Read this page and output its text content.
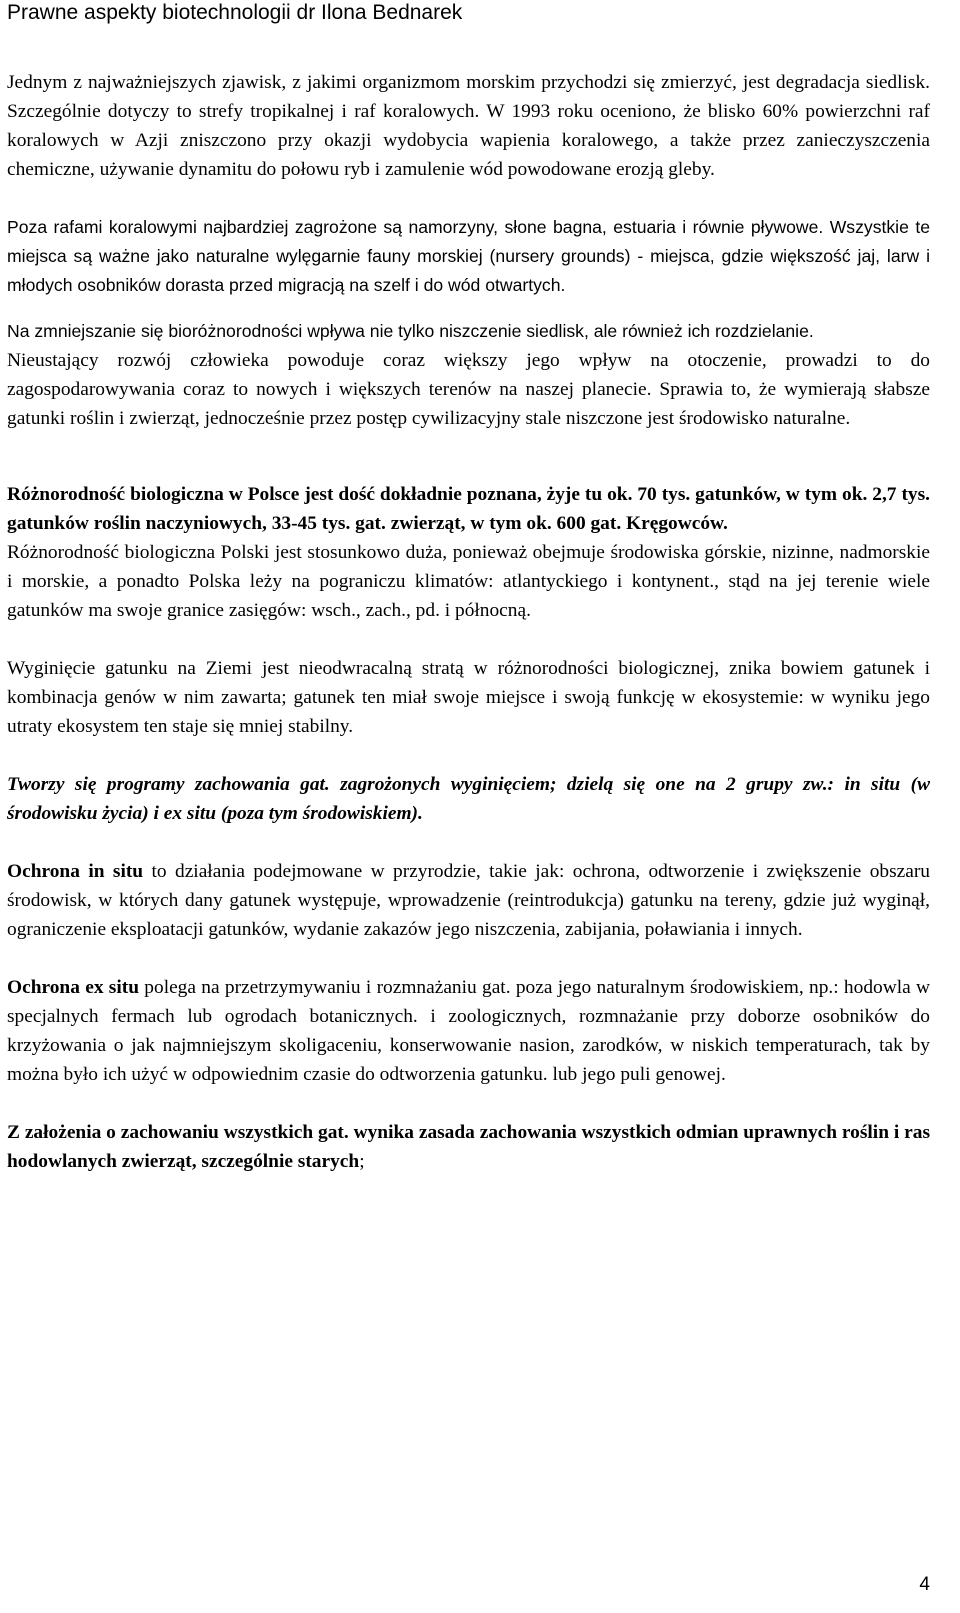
Prawne aspekty biotechnologii dr Ilona Bednarek

Jednym z najważniejszych zjawisk, z jakimi organizmom morskim przychodzi się zmierzyć, jest degradacja siedlisk. Szczególnie dotyczy to strefy tropikalnej i raf koralowych. W 1993 roku oceniono, że blisko 60% powierzchni raf koralowych w Azji zniszczono przy okazji wydobycia wapienia koralowego, a także przez zanieczyszczenia chemiczne, używanie dynamitu do połowu ryb i zamulenie wód powodowane erozją gleby.

Poza rafami koralowymi najbardziej zagrożone są namorzyny, słone bagna, estuaria i równie pływowe. Wszystkie te miejsca są ważne jako naturalne wylęgarnie fauny morskiej (nursery grounds) - miejsca, gdzie większość jaj, larw i młodych osobników dorasta przed migracją na szelf i do wód otwartych.

Na zmniejszanie się bioróżnorodności wpływa nie tylko niszczenie siedlisk, ale również ich rozdzielanie.

Nieustający rozwój człowieka powoduje coraz większy jego wpływ na otoczenie, prowadzi to do zagospodarowywania coraz to nowych i większych terenów na naszej planecie. Sprawia to, że wymierają słabsze gatunki roślin i zwierząt, jednocześnie przez postęp cywilizacyjny stale niszczone jest środowisko naturalne.

Różnorodność biologiczna w Polsce jest dość dokładnie poznana, żyje tu ok. 70 tys. gatunków, w tym ok. 2,7 tys. gatunków roślin naczyniowych, 33-45 tys. gat. zwierząt, w tym ok. 600 gat. Kręgowców.

Różnorodność biologiczna Polski jest stosunkowo duża, ponieważ obejmuje środowiska górskie, nizinne, nadmorskie i morskie, a ponadto Polska leży na pograniczu klimatów: atlantyckiego i kontynent., stąd na jej terenie wiele gatunków ma swoje granice zasięgów: wsch., zach., pd. i północną.

Wyginięcie gatunku na Ziemi jest nieodwracalną stratą w różnorodności biologicznej, znika bowiem gatunek i kombinacja genów w nim zawarta; gatunek ten miał swoje miejsce i swoją funkcję w ekosystemie: w wyniku jego utraty ekosystem ten staje się mniej stabilny.

Tworzy się programy zachowania gat. zagrożonych wyginięciem; dzielą się one na 2 grupy zw.: in situ (w środowisku życia) i ex situ (poza tym środowiskiem).

Ochrona in situ to działania podejmowane w przyrodzie, takie jak: ochrona, odtworzenie i zwiększenie obszaru środowisk, w których dany gatunek występuje, wprowadzenie (reintrodukcja) gatunku na tereny, gdzie już wyginął, ograniczenie eksploatacji gatunków, wydanie zakazów jego niszczenia, zabijania, poławiania i innych.

Ochrona ex situ polega na przetrzymywaniu i rozmnażaniu gat. poza jego naturalnym środowiskiem, np.: hodowla w specjalnych fermach lub ogrodach botanicznych. i zoologicznych, rozmnażanie przy doborze osobników do krzyżowania o jak najmniejszym skoligaceniu, konserwowanie nasion, zarodków, w niskich temperaturach, tak by można było ich użyć w odpowiednim czasie do odtworzenia gatunku. lub jego puli genowej.

Z założenia o zachowaniu wszystkich gat. wynika zasada zachowania wszystkich odmian uprawnych roślin i ras hodowlanych zwierząt, szczególnie starych;

4
